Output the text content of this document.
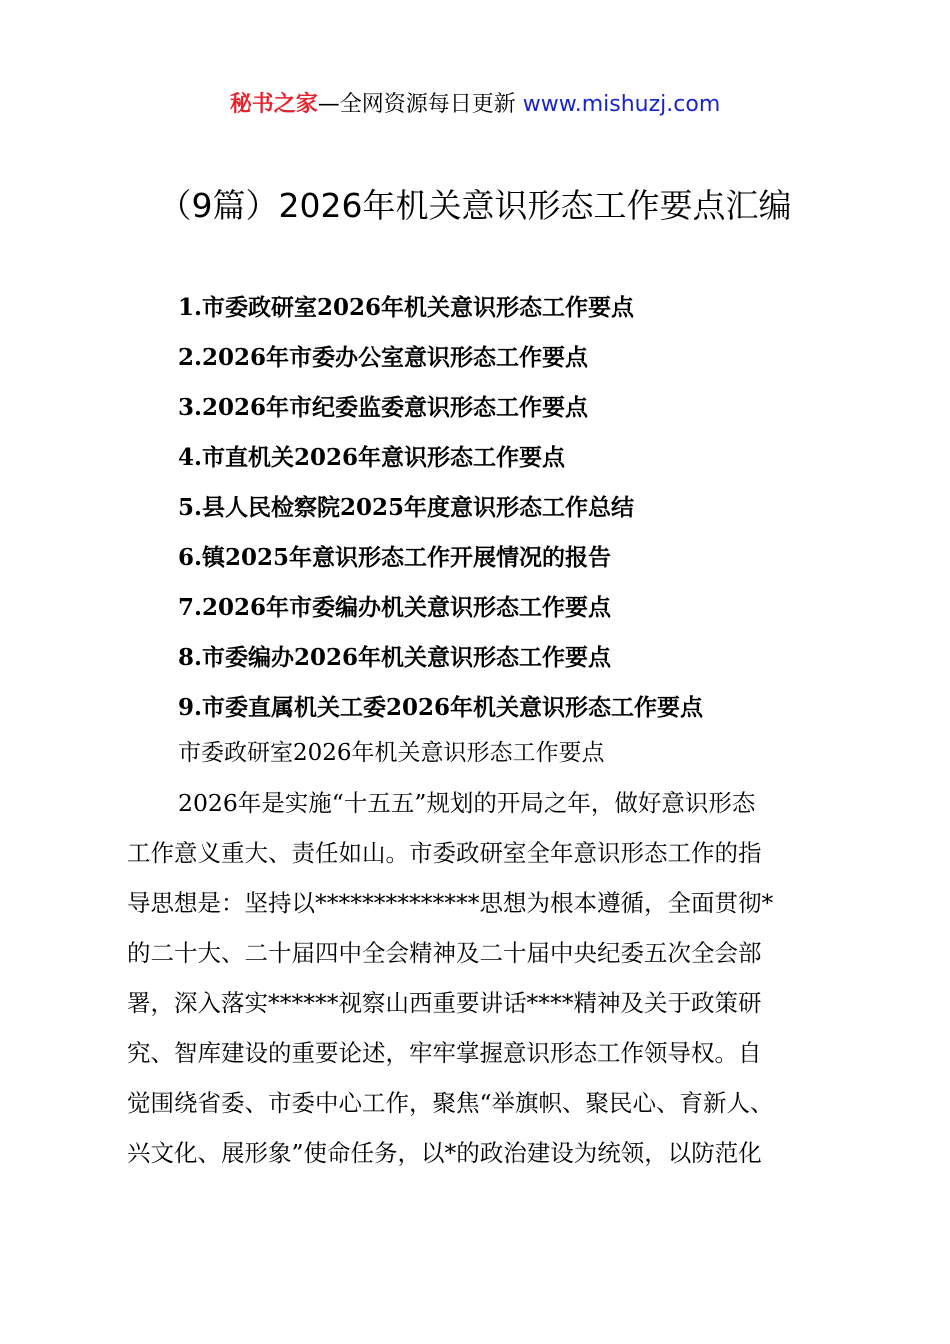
秘书之家—全网资源每日更新 www.mishuzj.com
（9篇）2026年机关意识形态工作要点汇编
1.市委政研室2026年机关意识形态工作要点
2.2026年市委办公室意识形态工作要点
3.2026年市纪委监委意识形态工作要点
4.市直机关2026年意识形态工作要点
5.县人民检察院2025年度意识形态工作总结
6.镇2025年意识形态工作开展情况的报告
7.2026年市委编办机关意识形态工作要点
8.市委编办2026年机关意识形态工作要点
9.市委直属机关工委2026年机关意识形态工作要点
市委政研室2026年机关意识形态工作要点

2026年是实施“十五五”规划的开局之年，做好意识形态
工作意义重大、责任如山。市委政研室全年意识形态工作的指
导思想是：坚持以**************思想为根本遵循，全面贯彻*
的二十大、二十届四中全会精神及二十届中央纪委五次全会部
署，深入落实******视察山西重要讲话****精神及关于政策研
究、智库建设的重要论述，牢牢掌握意识形态工作领导权。自
觉围绕省委、市委中心工作，聚焦“举旗帜、聚民心、育新人、
兴文化、展形象”使命任务，以*的政治建设为统领，以防范化
